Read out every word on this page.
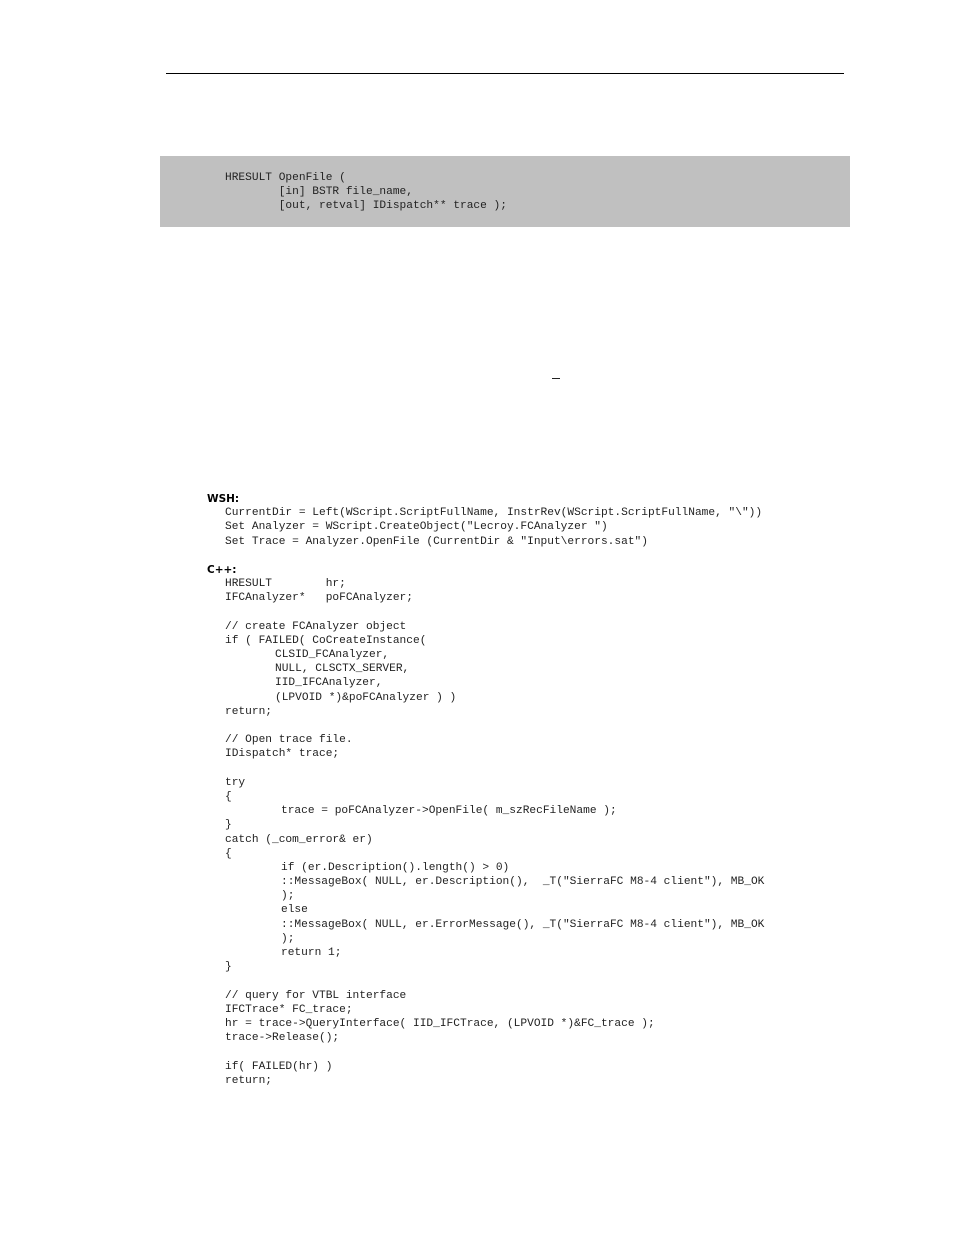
HRESULT OpenFile (
[in] BSTR file_name,
[out, retval] IDispatch** trace );
WSH:
CurrentDir = Left(WScript.ScriptFullName, InstrRev(WScript.ScriptFullName, "\"))
Set Analyzer = WScript.CreateObject("Lecroy.FCAnalyzer ")
Set Trace = Analyzer.OpenFile (CurrentDir & "Input\errors.sat")
C++:
HRESULT        hr;
IFCAnalyzer*   poFCAnalyzer;
// create FCAnalyzer object
if ( FAILED( CoCreateInstance(
CLSID_FCAnalyzer,
NULL, CLSCTX_SERVER,
IID_IFCAnalyzer,
(LPVOID *)&poFCAnalyzer ) )
return;
// Open trace file.
IDispatch* trace;
try
{
trace = poFCAnalyzer->OpenFile( m_szRecFileName );
}
catch (_com_error& er)
{
if (er.Description().length() > 0)
::MessageBox( NULL, er.Description(),  _T("SierraFC M8-4 client"), MB_OK
);
else
::MessageBox( NULL, er.ErrorMessage(), _T("SierraFC M8-4 client"), MB_OK
);
return 1;
}
// query for VTBL interface
IFCTrace* FC_trace;
hr = trace->QueryInterface( IID_IFCTrace, (LPVOID *)&FC_trace );
trace->Release();
if( FAILED(hr) )
return;
